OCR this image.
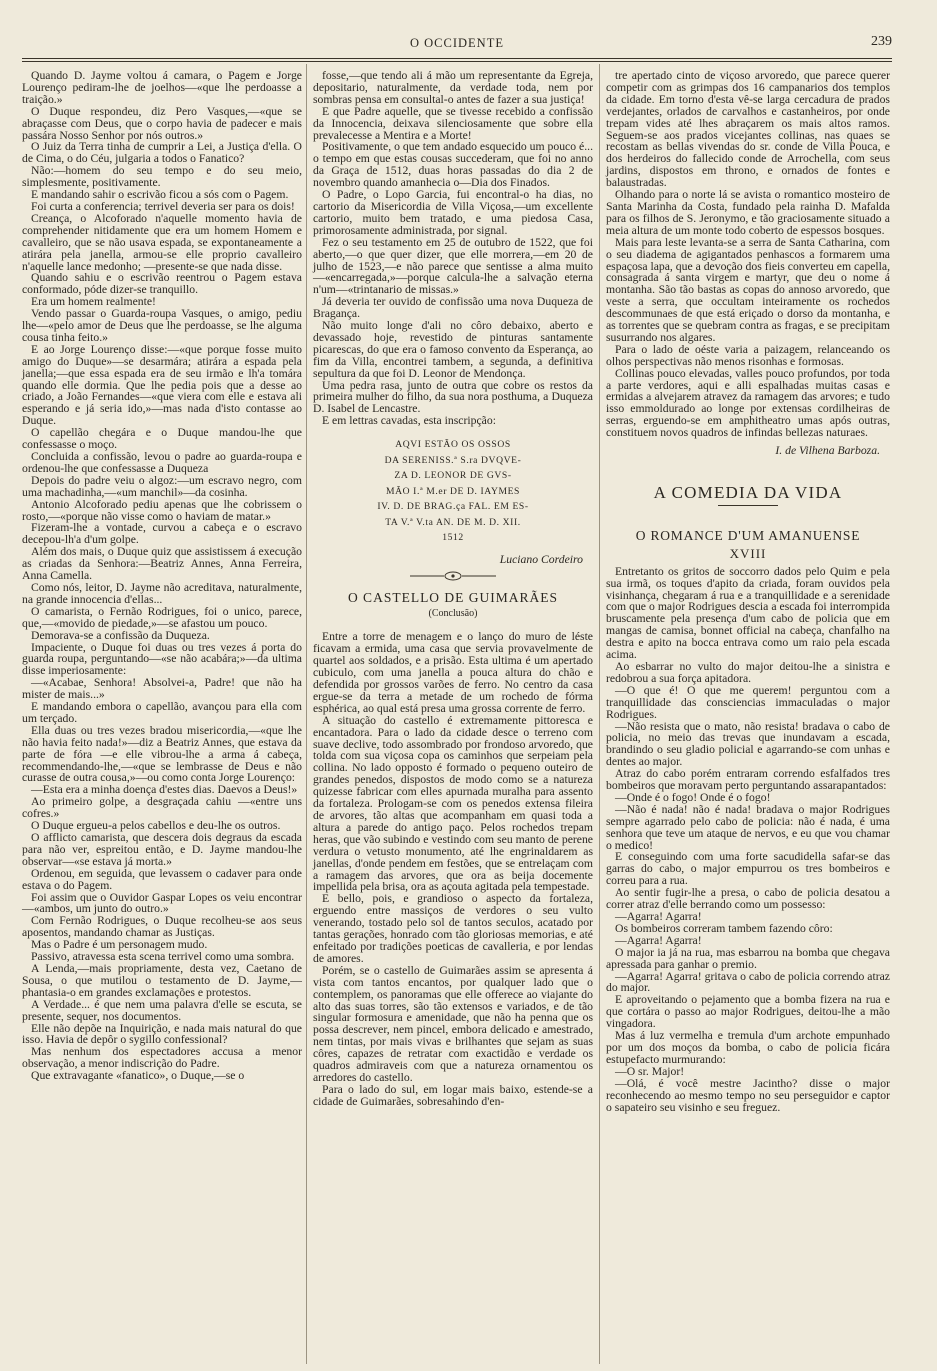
O OCCIDENTE	239

Quando D. Jayme voltou á camara, o Pagem e Jorge Lourenço pediram-lhe de joelhos—«que lhe perdoasse a traição.»

O Duque respondeu, diz Pero Vasques,—«que se abraçasse com Deus, que o corpo havia de padecer e mais passára Nosso Senhor por nós outros.»

O Juiz da Terra tinha de cumprir a Lei, a Justiça d'ella. O de Cima, o do Céu, julgaria a todos o Fanatico?

Não:—homem do seu tempo e do seu meio, simplesmente, positivamente.

E mandando sahir o escrivão ficou a sós com o Pagem.

Foi curta a conferencia; terrivel deveria ser para os dois!

Creança, o Alcoforado n'aquelle momento havia de comprehender nitidamente que era um homem Homem e cavalleiro, que se não usava espada, se expontaneamente a atirára pela janella, armou-se elle proprio cavalleiro n'aquelle lance medonho; —presente-se que nada disse.

Quando sahiu e o escrivão reentrou o Pagem estava conformado, póde dizer-se tranquillo.

Era um homem realmente!

Vendo passar o Guarda-roupa Vasques, o amigo, pediu lhe—«pelo amor de Deus que lhe perdoasse, se lhe alguma cousa tinha feito.»

E ao Jorge Lourenço disse:—«que porque fosse muito amigo do Duque»—se desarmára; atirára a espada pela janella;—que essa espada era de seu irmão e lh'a tomára quando elle dormia. Que lhe pedia pois que a desse ao criado, a João Fernandes—«que viera com elle e estava ali esperando e já seria ido,»—mas nada d'isto contasse ao Duque.

O capellão chegára e o Duque mandou-lhe que confessasse o moço.

Concluida a confissão, levou o padre ao guarda-roupa e ordenou-lhe que confessasse a Duqueza

Depois do padre veiu o algoz:—um escravo negro, com uma machadinha,—«um manchil»—da cosinha.

Antonio Alcoforado pediu apenas que lhe cobrissem o rosto,—«porque não visse como o haviam de matar.»

Fizeram-lhe a vontade, curvou a cabeça e o escravo decepou-lh'a d'um golpe.

Além dos mais, o Duque quiz que assistissem á execução as criadas da Senhora:—Beatriz Annes, Anna Ferreira, Anna Camella.

Como nós, leitor, D. Jayme não acreditava, naturalmente, na grande innocencia d'ellas...

O camarista, o Fernão Rodrigues, foi o unico, parece, que,—«movido de piedade,»—se afastou um pouco.

Demorava-se a confissão da Duqueza.

Impaciente, o Duque foi duas ou tres vezes á porta do guarda roupa, perguntando—«se não acabára;»—da ultima disse imperiosamente:

—«Acabae, Senhora! Absolvei-a, Padre! que não ha mister de mais...»

E mandando embora o capellão, avançou para ella com um terçado.

Ella duas ou tres vezes bradou misericordia,—«que lhe não havia feito nada!»—diz a Beatriz Annes, que estava da parte de fóra —e elle vibrou-lhe a arma á cabeça, recommendando-lhe,—«que se lembrasse de Deus e não curasse de outra cousa,»—ou como conta Jorge Lourenço:

—Esta era a minha doença d'estes dias. Daevos a Deus!»

Ao primeiro golpe, a desgraçada cahiu —«entre uns cofres.»

O Duque ergueu-a pelos cabellos e deu-lhe os outros.

O afflicto camarista, que descera dois degraus da escada para não ver, espreitou então, e D. Jayme mandou-lhe observar—«se estava já morta.»

Ordenou, em seguida, que levassem o cadaver para onde estava o do Pagem.

Foi assim que o Ouvidor Gaspar Lopes os veiu encontrar—«ambos, um junto do outro.»

Com Fernão Rodrigues, o Duque recolheu-se aos seus aposentos, mandando chamar as Justiças.

Mas o Padre é um personagem mudo.

Passivo, atravessa esta scena terrivel como uma sombra.

A Lenda,—mais propriamente, desta vez, Caetano de Sousa, o que mutilou o testamento de D. Jayme,—phantasia-o em grandes exclamações e protestos.

A Verdade... é que nem uma palavra d'elle se escuta, se presente, sequer, nos documentos.

Elle não depõe na Inquirição, e nada mais natural do que isso. Havia de depôr o sygillo confessional?

Mas nenhum dos espectadores accusa a menor observação, a menor indiscrição do Padre.

Que extravagante «fanatico», o Duque,—se o

fosse,—que tendo ali á mão um representante da Egreja, depositario, naturalmente, da verdade toda, nem por sombras pensa em consultal-o antes de fazer a sua justiça!

E que Padre aquelle, que se tivesse recebido a confissão da Innocencia, deixava silenciosamente que sobre ella prevalecesse a Mentira e a Morte!

Positivamente, o que tem andado esquecido um pouco é... o tempo em que estas cousas succederam, que foi no anno da Graça de 1512, duas horas passadas do dia 2 de novembro quando amanhecia o—Dia dos Finados.

O Padre, o Lopo Garcia, fui encontral-o ha dias, no cartorio da Misericordia de Villa Viçosa,—um excellente cartorio, muito bem tratado, e uma piedosa Casa, primorosamente administrada, por signal.

Fez o seu testamento em 25 de outubro de 1522, que foi aberto,—o que quer dizer, que elle morrera,—em 20 de julho de 1523,—e não parece que sentisse a alma muito—«encarregada,»—porque calcula-lhe a salvação eterna n'um—«trintanario de missas.»

Já deveria ter ouvido de confissão uma nova Duqueza de Bragança.

Não muito longe d'ali no côro debaixo, aberto e devassado hoje, revestido de pinturas santamente picarescas, do que era o famoso convento da Esperança, ao fim da Villa, encontrei tambem, a segunda, a definitiva sepultura da que foi D. Leonor de Mendonça.

Uma pedra rasa, junto de outra que cobre os restos da primeira mulher do filho, da sua nora posthuma, a Duqueza D. Isabel de Lencastre.

E em lettras cavadas, esta inscripção:

AQVI ESTÃO OS OSSOS
DA SERENISS.ª S.ra DVQVE-
ZA D. LEONOR DE GVS-
MÃO I.ª M.er DE D. IAYMES
IV. D. DE BRAG.ça FAL. EM ES-
TA V.ª V.ta AN. DE M. D. XII.
1512

Luciano Cordeiro

O CASTELLO DE GUIMARÃES
(Conclusão)

Entre a torre de menagem e o lanço do muro de léste ficavam a ermida, uma casa que servia provavelmente de quartel aos soldados, e a prisão. Esta ultima é um apertado cubiculo, com uma janella a pouca altura do chão e defendida por grossos varões de ferro. No centro da casa ergue-se da terra a metade de um rochedo de fórma esphérica, ao qual está presa uma grossa corrente de ferro.

A situação do castello é extremamente pittoresca e encantadora. Para o lado da cidade desce o terreno com suave declive, todo assombrado por frondoso arvoredo, que tolda com sua viçosa copa os caminhos que serpeiam pela collina. No lado opposto é formado o pequeno outeiro de grandes penedos, dispostos de modo como se a natureza quizesse fabricar com elles apurnada muralha para assento da fortaleza. Prologam-se com os penedos extensa fileira de arvores, tão altas que acompanham em quasi toda a altura a parede do antigo paço. Pelos rochedos trepam heras, que vão subindo e vestindo com seu manto de perene verdura o vetusto monumento, até lhe engrinaldarem as janellas, d'onde pendem em festões, que se entrelaçam com a ramagem das arvores, que ora as beija docemente impellida pela brisa, ora as açouta agitada pela tempestade.

E bello, pois, e grandioso o aspecto da fortaleza, erguendo entre massiços de verdores o seu vulto venerando, tostado pelo sol de tantos seculos, acatado por tantas gerações, honrado com tão gloriosas memorias, e até enfeitado por tradições poeticas de cavalleria, e por lendas de amores.

Porém, se o castello de Guimarães assim se apresenta á vista com tantos encantos, por qualquer lado que o contemplem, os panoramas que elle offerece ao viajante do alto das suas torres, são tão extensos e variados, e de tão singular formosura e amenidade, que não ha penna que os possa descrever, nem pincel, embora delicado e amestrado, nem tintas, por mais vivas e brilhantes que sejam as suas côres, capazes de retratar com exactidão e verdade os quadros admiraveis com que a natureza ornamentou os arredores do castello.

Para o lado do sul, em logar mais baixo, estende-se a cidade de Guimarães, sobresahindo d'en-

tre apertado cinto de viçoso arvoredo, que parece querer competir com as grimpas dos 16 campanarios dos templos da cidade. Em torno d'esta vê-se larga cercadura de prados verdejantes, orlados de carvalhos e castanheiros, por onde trepam vides até lhes abraçarem os mais altos ramos. Seguem-se aos prados vicejantes collinas, nas quaes se recostam as bellas vivendas do sr. conde de Villa Pouca, e dos herdeiros do fallecido conde de Arrochella, com seus jardins, dispostos em throno, e ornados de fontes e balaustradas.

Olhando para o norte lá se avista o romantico mosteiro de Santa Marinha da Costa, fundado pela rainha D. Mafalda para os filhos de S. Jeronymo, e tão graciosamente situado a meia altura de um monte todo coberto de espessos bosques.

Mais para leste levanta-se a serra de Santa Catharina, com o seu diadema de agigantados penhascos a formarem uma espaçosa lapa, que a devoção dos fieis converteu em capella, consagrada á santa virgem e martyr, que deu o nome á montanha. São tão bastas as copas do annoso arvoredo, que veste a serra, que occultam inteiramente os rochedos descommunaes de que está eriçado o dorso da montanha, e as torrentes que se quebram contra as fragas, e se precipitam susurrando nos algares.

Para o lado de oéste varia a paizagem, relanceando os olhos perspectivas não menos risonhas e formosas.

Collinas pouco elevadas, valles pouco profundos, por toda a parte verdores, aqui e alli espalhadas muitas casas e ermidas a alvejarem atravez da ramagem das arvores; e tudo isso emmoldurado ao longe por extensas cordilheiras de serras, erguendo-se em amphitheatro umas após outras, constituem novos quadros de infindas bellezas naturaes.

I. de Vilhena Barboza.

A COMEDIA DA VIDA
O ROMANCE D'UM AMANUENSE
XVIII

Entretanto os gritos de soccorro dados pelo Quim e pela sua irmã, os toques d'apito da criada, foram ouvidos pela visinhança, chegaram á rua e a tranquillidade e a serenidade com que o major Rodrigues descia a escada foi interrompida bruscamente pela presença d'um cabo de policia que em mangas de camisa, bonnet official na cabeça, chanfalho na destra e apito na bocca entrava como um raio pela escada acima.

Ao esbarrar no vulto do major deitou-lhe a sinistra e redobrou a sua força apitadora.

—O que é! O que me querem! perguntou com a tranquillidade das consciencias immaculadas o major Rodrigues.

—Não resista que o mato, não resista! bradava o cabo de policia, no meio das trevas que inundavam a escada, brandindo o seu gladio policial e agarrando-se com unhas e dentes ao major.

Atraz do cabo porém entraram correndo esfalfados tres bombeiros que moravam perto perguntando assarapantados:

—Onde é o fogo! Onde é o fogo!

—Não é nada! não é nada! bradava o major Rodrigues sempre agarrado pelo cabo de policia: não é nada, é uma senhora que teve um ataque de nervos, e eu que vou chamar o medico!

E conseguindo com uma forte sacudidella safar-se das garras do cabo, o major empurrou os tres bombeiros e correu para a rua.

Ao sentir fugir-lhe a presa, o cabo de policia desatou a correr atraz d'elle berrando como um possesso:

—Agarra! Agarra!

Os bombeiros correram tambem fazendo côro:

—Agarra! Agarra!

O major ia já na rua, mas esbarrou na bomba que chegava apressada para ganhar o premio.

—Agarra! Agarra! gritava o cabo de policia correndo atraz do major.

E aproveitando o pejamento que a bomba fizera na rua e que cortára o passo ao major Rodrigues, deitou-lhe a mão vingadora.

Mas á luz vermelha e tremula d'um archote empunhado por um dos moços da bomba, o cabo de policia ficára estupefacto murmurando:

—O sr. Major!

—Olá, é você mestre Jacintho? disse o major reconhecendo ao mesmo tempo no seu perseguidor e captor o sapateiro seu visinho e seu freguez.
